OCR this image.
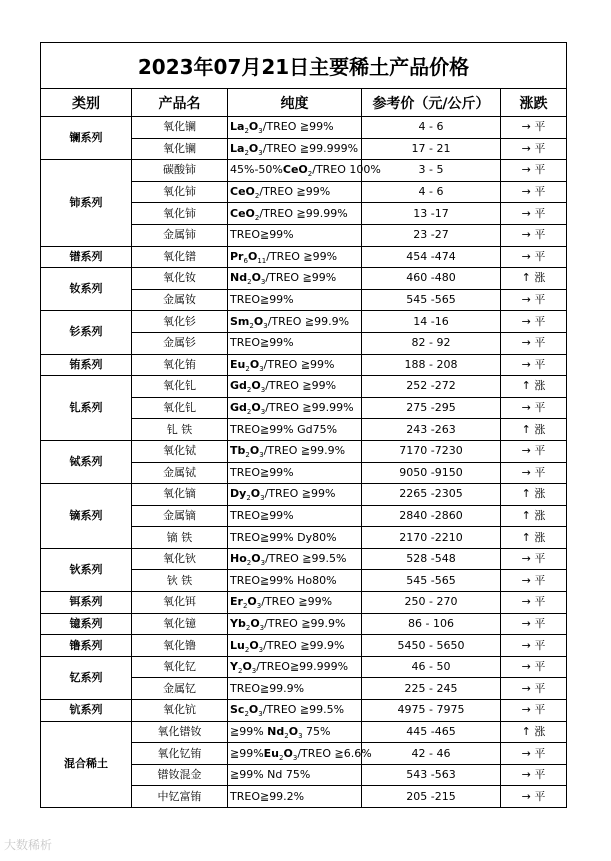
2023年07月21日主要稀土产品价格				
类别	产品名	纯度	参考价（元/公斤）	涨跌
镧系列	氧化镧	$La_2O_3$/TREO ≧99%	4 - 6	→ 平
	氧化镧	$La_2O_3$/TREO ≧99.999%	17 - 21	→ 平
铈系列	碳酸铈	45%-50%CeO$_2$/TREO 100%	3 - 5	→ 平
	氧化铈	CeO$_2$/TREO ≧99%	4 - 6	→ 平
	氧化铈	CeO$_2$/TREO ≧99.99%	13 -17	→ 平
	金属铈	TREO≧99%	23 -27	→ 平
镨系列	氧化镨	$Pr_6O_{11}$/TREO ≧99%	454 -474	→ 平
钕系列	氧化钕	$Nd_2O_3$/TREO ≧99%	460 -480	↑ 涨
	金属钕	TREO≧99%	545 -565	→ 平
钐系列	氧化钐	$Sm_2O_3$/TREO ≧99.9%	14 -16	→ 平
	金属钐	TREO≧99%	82 - 92	→ 平
铕系列	氧化铕	$Eu_2O_3$/TREO ≧99%	188 - 208	→ 平
钆系列	氧化钆	$Gd_2O_3$/TREO ≧99%	252 -272	↑ 涨
	氧化钆	$Gd_2O_3$/TREO ≧99.99%	275 -295	→ 平
	钆 铁	TREO≧99% Gd75%	243 -263	↑ 涨
铽系列	氧化铽	$Tb_2O_3$/TREO ≧99.9%	7170 -7230	→ 平
	金属铽	TREO≧99%	9050 -9150	→ 平
镝系列	氧化镝	$Dy_2O_3$/TREO ≧99%	2265 -2305	↑ 涨
	金属镝	TREO≧99%	2840 -2860	↑ 涨
	镝 铁	TREO≧99% Dy80%	2170 -2210	↑ 涨
钬系列	氧化钬	$Ho_2O_3$/TREO ≧99.5%	528 -548	→ 平
	钬 铁	TREO≧99% Ho80%	545 -565	→ 平
铒系列	氧化铒	$Er_2O_3$/TREO ≧99%	250 - 270	→ 平
镱系列	氧化镱	$Yb_2O_3$/TREO ≧99.9%	86 - 106	→ 平
镥系列	氧化镥	$Lu_2O_3$/TREO ≧99.9%	5450 - 5650	→ 平
钇系列	氧化钇	$Y_2O_3/TREO≧99.999\%$	46 - 50	→ 平
	金属钇	TREO≧99.9%	225 - 245	→ 平
钪系列	氧化钪	$Sc_2O_3$/TREO ≧99.5%	4975 - 7975	→ 平
混合稀土	氧化镨钕	≧99% $Nd_2O_3$ 75%	445 -465	↑ 涨
	氧化钇铕	$≧99\%Eu_2O_3$/TREO ≧6.6%	42 - 46	→ 平
	镨钕混金	≧99% Nd 75%	543 -563	→ 平
	中钇富铕	TREO≧99.2%	205 -215	→ 平
大数稀析
